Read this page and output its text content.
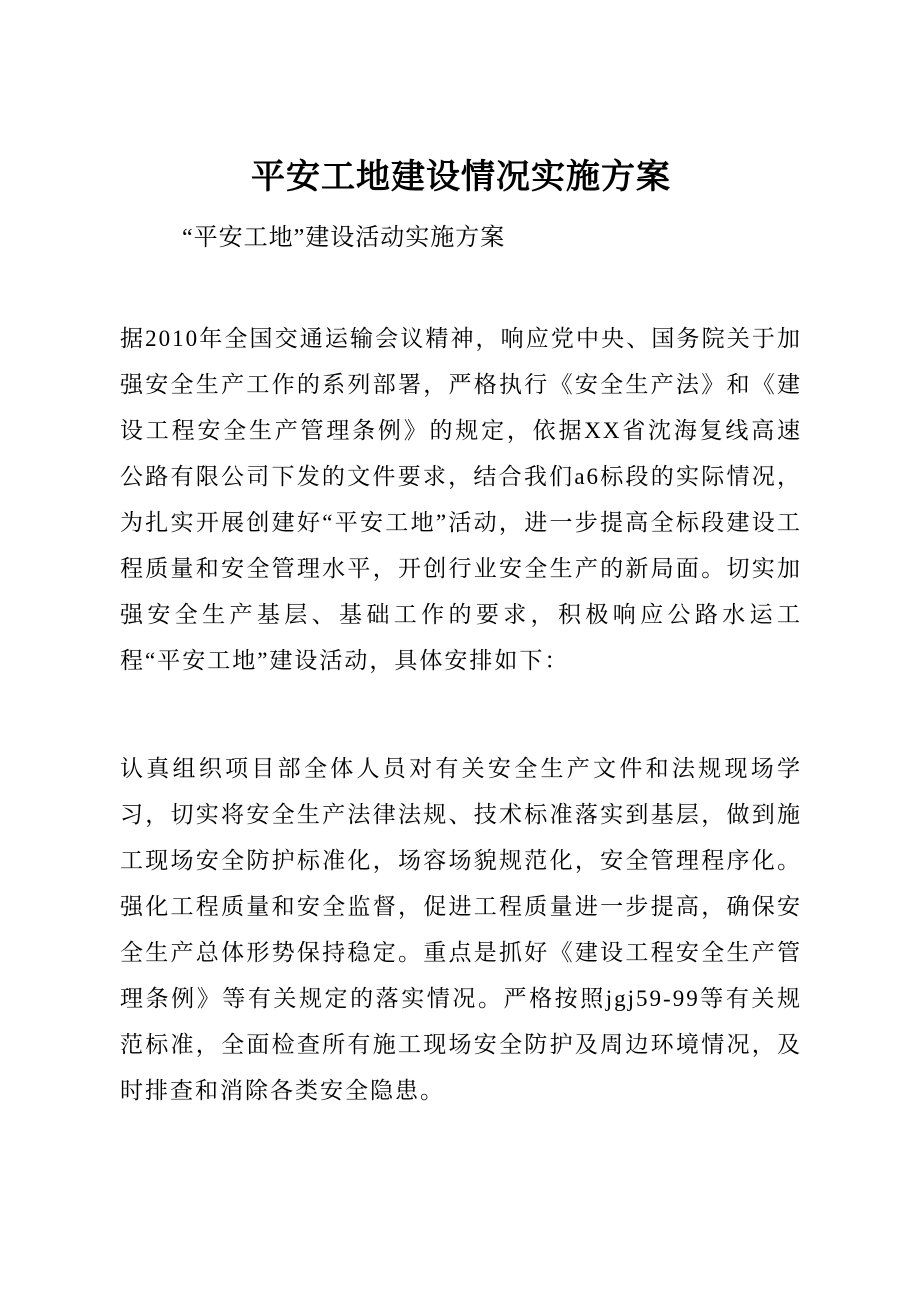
平安工地建设情况实施方案

“平安工地”建设活动实施方案

据2010年全国交通运输会议精神，响应党中央、国务院关于加强安全生产工作的系列部署，严格执行《安全生产法》和《建设工程安全生产管理条例》的规定，依据XX省沈海复线高速公路有限公司下发的文件要求，结合我们a6标段的实际情况，为扎实开展创建好“平安工地”活动，进一步提高全标段建设工程质量和安全管理水平，开创行业安全生产的新局面。切实加强安全生产基层、基础工作的要求，积极响应公路水运工程“平安工地”建设活动，具体安排如下：

认真组织项目部全体人员对有关安全生产文件和法规现场学习，切实将安全生产法律法规、技术标准落实到基层，做到施工现场安全防护标准化，场容场貌规范化，安全管理程序化。强化工程质量和安全监督，促进工程质量进一步提高，确保安全生产总体形势保持稳定。重点是抓好《建设工程安全生产管理条例》等有关规定的落实情况。严格按照jgj59-99等有关规范标准，全面检查所有施工现场安全防护及周边环境情况，及时排查和消除各类安全隐患。
